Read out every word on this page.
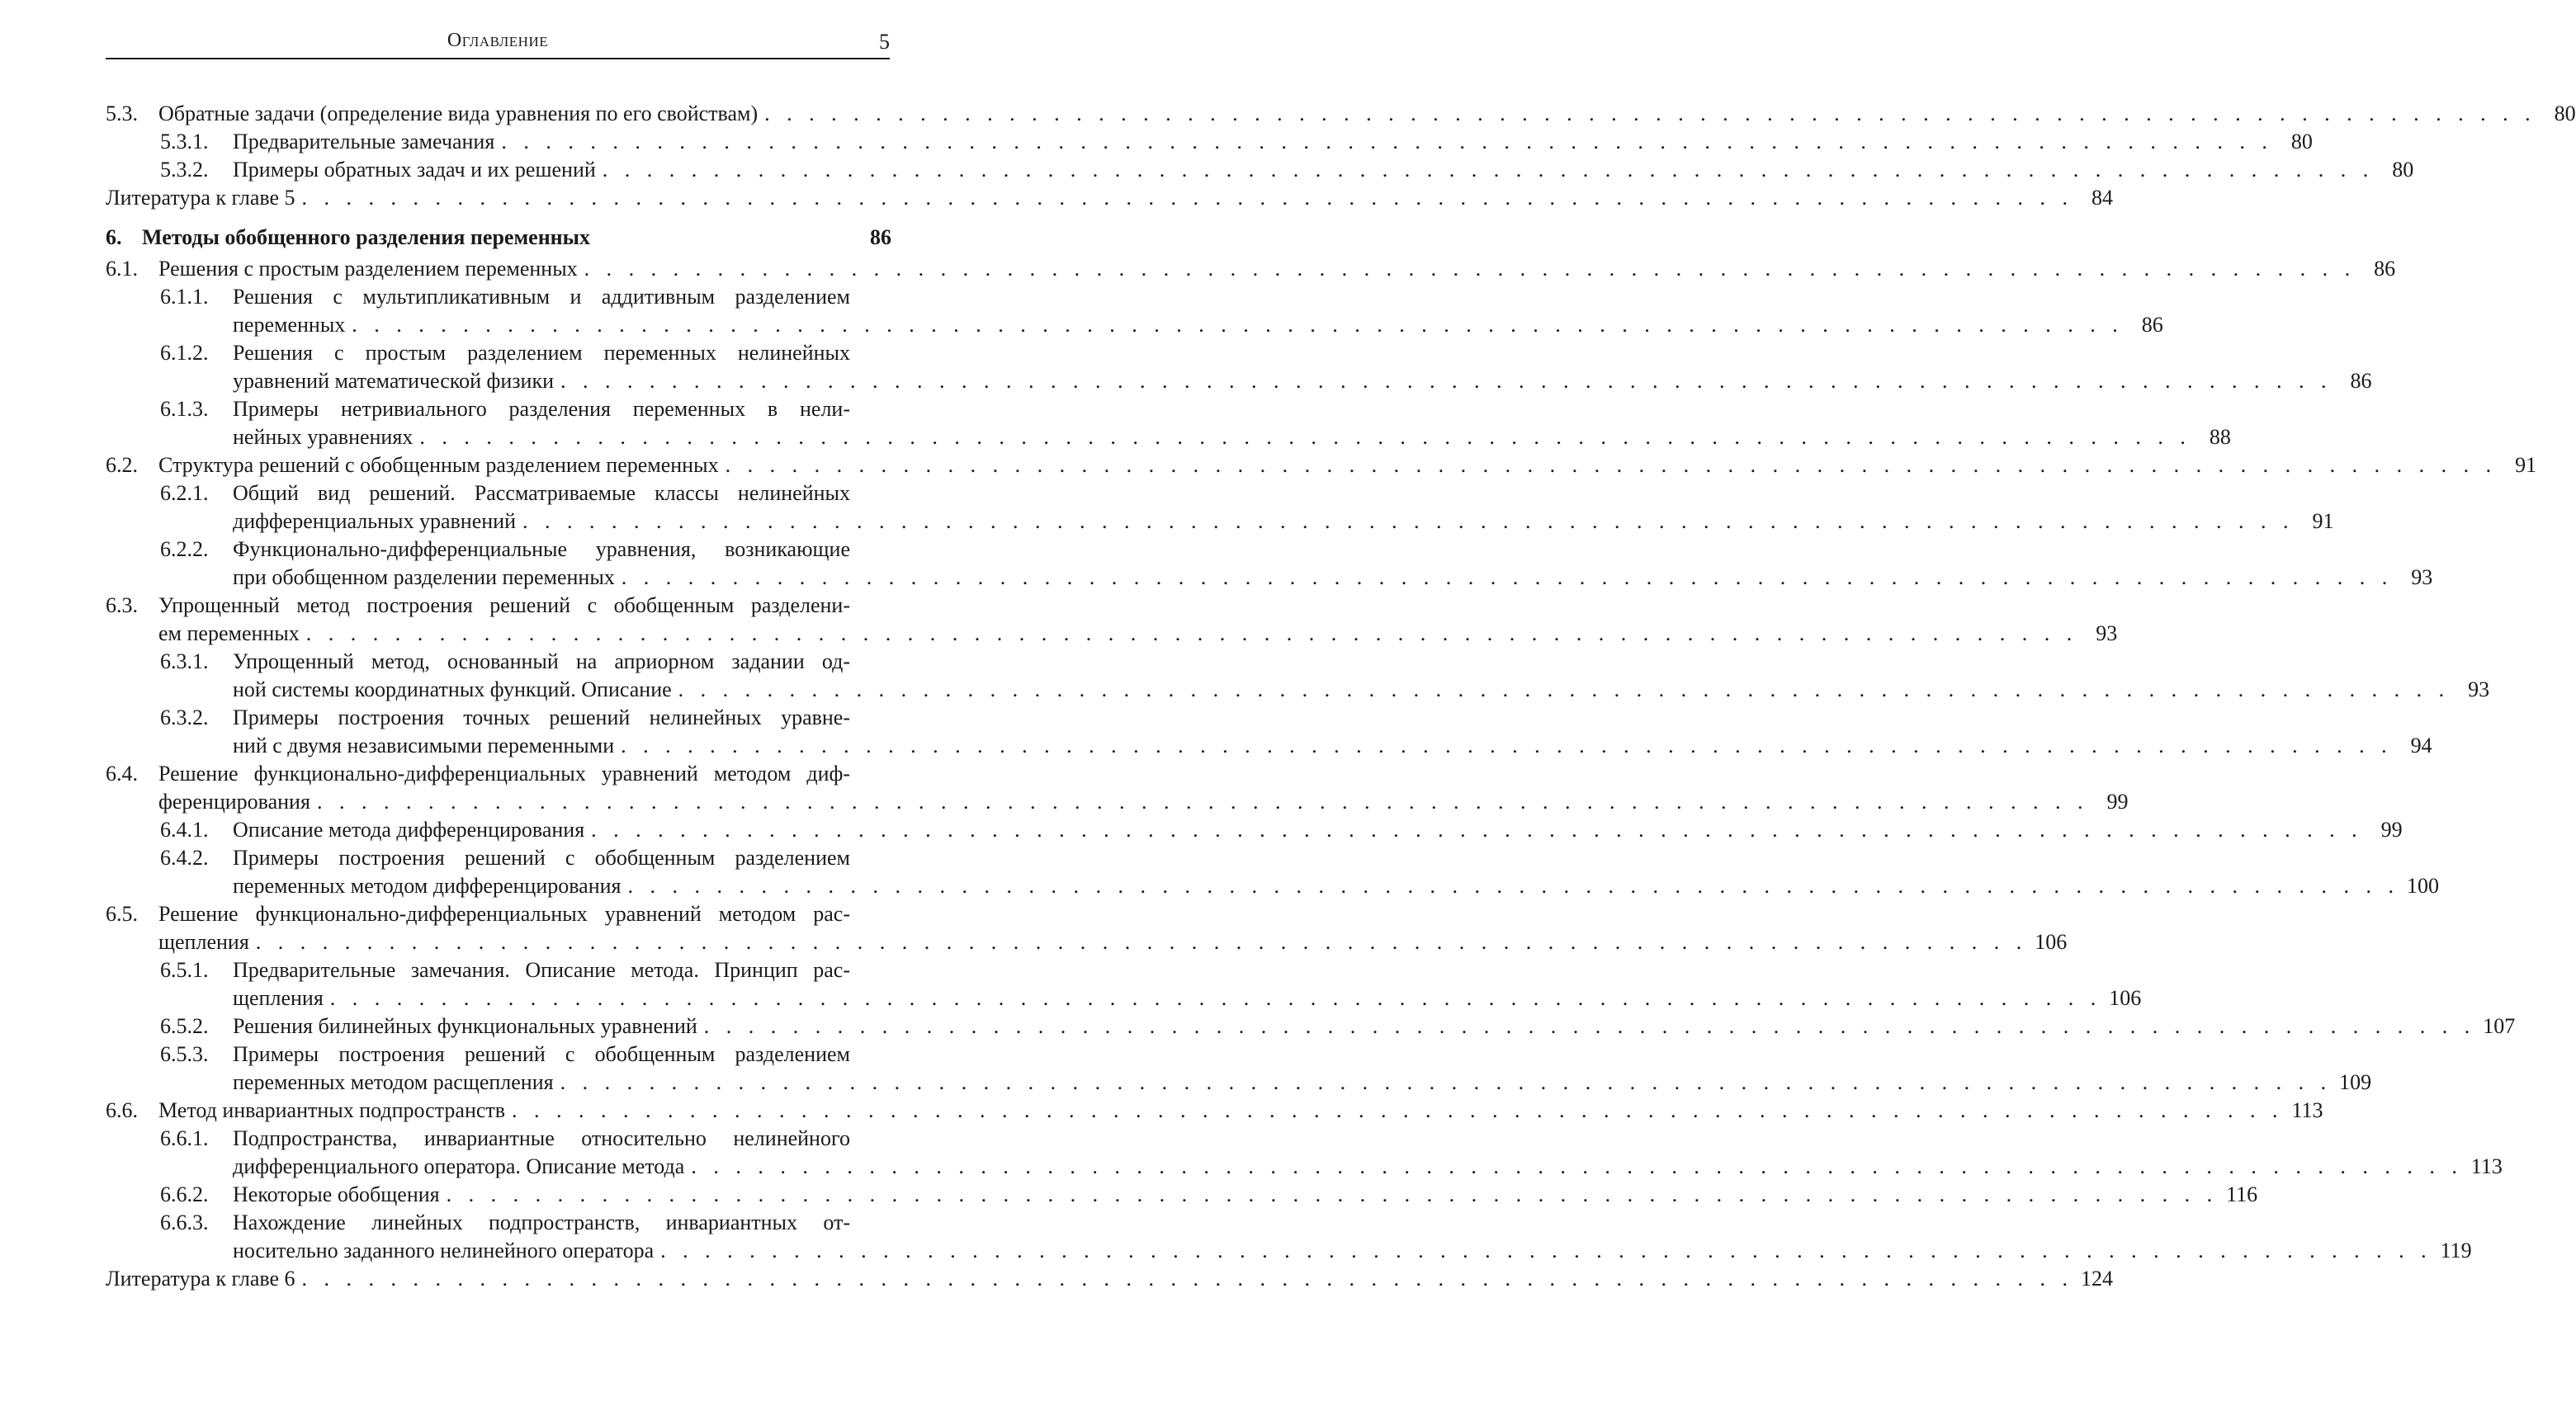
Оглавление	5
5.3. Обратные задачи (определение вида уравнения по его свойствам) . . . . . . . . . . . . . . . . . . . . . . . . . . . . . . . . . . . . . . . . . . . . . . . . . . . . . . . . . . . . . . . . . . . . . . . . . . . . . . . . 80
5.3.1. Предварительные замечания . . . . . . . . . . . . . . . . . . . . . . . . . . . . . . . . . . . . . . . . . . . . . . . . . . . . . . . . . . . . . . . . . . . . . . . . . . . . . . . . 80
5.3.2. Примеры обратных задач и их решений . . . . . . . . . . . . . . . . . . . . . . . . . . . . . . . . . . . . . . . . . . . . . . . . . . . . . . . . . . . . . . . . . . . . . . . . . . . . . . . . 80
Литература к главе 5 . . . . . . . . . . . . . . . . . . . . . . . . . . . . . . . . . . . . . . . . . . . . . . . . . . . . . . . . . . . . . . . . . . . . . . . . . . . . . . . . 84
6. Методы обобщенного разделения переменных	86
6.1. Решения с простым разделением переменных . . . . . . . . . . . . . . . . . . . . . . . . . . . . . . . . . . . . . . . . . . . . . . . . . . . . . . . . . . . . . . . . . . . . . . . . . . . . . . . . 86
6.1.1. Решения с мультипликативным и аддитивным разделением
переменных . . . . . . . . . . . . . . . . . . . . . . . . . . . . . . . . . . . . . . . . . . . . . . . . . . . . . . . . . . . . . . . . . . . . . . . . . . . . . . . . 86
6.1.2. Решения с простым разделением переменных нелинейных
уравнений математической физики . . . . . . . . . . . . . . . . . . . . . . . . . . . . . . . . . . . . . . . . . . . . . . . . . . . . . . . . . . . . . . . . . . . . . . . . . . . . . . . . 86
6.1.3. Примеры нетривиального разделения переменных в нели-
нейных уравнениях . . . . . . . . . . . . . . . . . . . . . . . . . . . . . . . . . . . . . . . . . . . . . . . . . . . . . . . . . . . . . . . . . . . . . . . . . . . . . . . . 88
6.2. Структура решений с обобщенным разделением переменных . . . . . . . . . . . . . . . . . . . . . . . . . . . . . . . . . . . . . . . . . . . . . . . . . . . . . . . . . . . . . . . . . . . . . . . . . . . . . . . . 91
6.2.1. Общий вид решений. Рассматриваемые классы нелинейных
дифференциальных уравнений . . . . . . . . . . . . . . . . . . . . . . . . . . . . . . . . . . . . . . . . . . . . . . . . . . . . . . . . . . . . . . . . . . . . . . . . . . . . . . . . 91
6.2.2. Функционально-дифференциальные уравнения, возникающие
при обобщенном разделении переменных . . . . . . . . . . . . . . . . . . . . . . . . . . . . . . . . . . . . . . . . . . . . . . . . . . . . . . . . . . . . . . . . . . . . . . . . . . . . . . . . 93
6.3. Упрощенный метод построения решений с обобщенным разделени-
ем переменных . . . . . . . . . . . . . . . . . . . . . . . . . . . . . . . . . . . . . . . . . . . . . . . . . . . . . . . . . . . . . . . . . . . . . . . . . . . . . . . . 93
6.3.1. Упрощенный метод, основанный на априорном задании од-
ной системы координатных функций. Описание . . . . . . . . . . . . . . . . . . . . . . . . . . . . . . . . . . . . . . . . . . . . . . . . . . . . . . . . . . . . . . . . . . . . . . . . . . . . . . . . 93
6.3.2. Примеры построения точных решений нелинейных уравне-
ний с двумя независимыми переменными . . . . . . . . . . . . . . . . . . . . . . . . . . . . . . . . . . . . . . . . . . . . . . . . . . . . . . . . . . . . . . . . . . . . . . . . . . . . . . . . 94
6.4. Решение функционально-дифференциальных уравнений методом диф-
ференцирования . . . . . . . . . . . . . . . . . . . . . . . . . . . . . . . . . . . . . . . . . . . . . . . . . . . . . . . . . . . . . . . . . . . . . . . . . . . . . . . . 99
6.4.1. Описание метода дифференцирования . . . . . . . . . . . . . . . . . . . . . . . . . . . . . . . . . . . . . . . . . . . . . . . . . . . . . . . . . . . . . . . . . . . . . . . . . . . . . . . . 99
6.4.2. Примеры построения решений с обобщенным разделением
переменных методом дифференцирования . . . . . . . . . . . . . . . . . . . . . . . . . . . . . . . . . . . . . . . . . . . . . . . . . . . . . . . . . . . . . . . . . . . . . . . . . . . . . . . . 100
6.5. Решение функционально-дифференциальных уравнений методом рас-
щепления . . . . . . . . . . . . . . . . . . . . . . . . . . . . . . . . . . . . . . . . . . . . . . . . . . . . . . . . . . . . . . . . . . . . . . . . . . . . . . . . 106
6.5.1. Предварительные замечания. Описание метода. Принцип рас-
щепления . . . . . . . . . . . . . . . . . . . . . . . . . . . . . . . . . . . . . . . . . . . . . . . . . . . . . . . . . . . . . . . . . . . . . . . . . . . . . . . . 106
6.5.2. Решения билинейных функциональных уравнений . . . . . . . . . . . . . . . . . . . . . . . . . . . . . . . . . . . . . . . . . . . . . . . . . . . . . . . . . . . . . . . . . . . . . . . . . . . . . . . . 107
6.5.3. Примеры построения решений с обобщенным разделением
переменных методом расщепления . . . . . . . . . . . . . . . . . . . . . . . . . . . . . . . . . . . . . . . . . . . . . . . . . . . . . . . . . . . . . . . . . . . . . . . . . . . . . . . . 109
6.6. Метод инвариантных подпространств . . . . . . . . . . . . . . . . . . . . . . . . . . . . . . . . . . . . . . . . . . . . . . . . . . . . . . . . . . . . . . . . . . . . . . . . . . . . . . . . 113
6.6.1. Подпространства, инвариантные относительно нелинейного
дифференциального оператора. Описание метода . . . . . . . . . . . . . . . . . . . . . . . . . . . . . . . . . . . . . . . . . . . . . . . . . . . . . . . . . . . . . . . . . . . . . . . . . . . . . . . . 113
6.6.2. Некоторые обобщения . . . . . . . . . . . . . . . . . . . . . . . . . . . . . . . . . . . . . . . . . . . . . . . . . . . . . . . . . . . . . . . . . . . . . . . . . . . . . . . . 116
6.6.3. Нахождение линейных подпространств, инвариантных от-
носительно заданного нелинейного оператора . . . . . . . . . . . . . . . . . . . . . . . . . . . . . . . . . . . . . . . . . . . . . . . . . . . . . . . . . . . . . . . . . . . . . . . . . . . . . . . . 119
Литература к главе 6 . . . . . . . . . . . . . . . . . . . . . . . . . . . . . . . . . . . . . . . . . . . . . . . . . . . . . . . . . . . . . . . . . . . . . . . . . . . . . . . . 124
